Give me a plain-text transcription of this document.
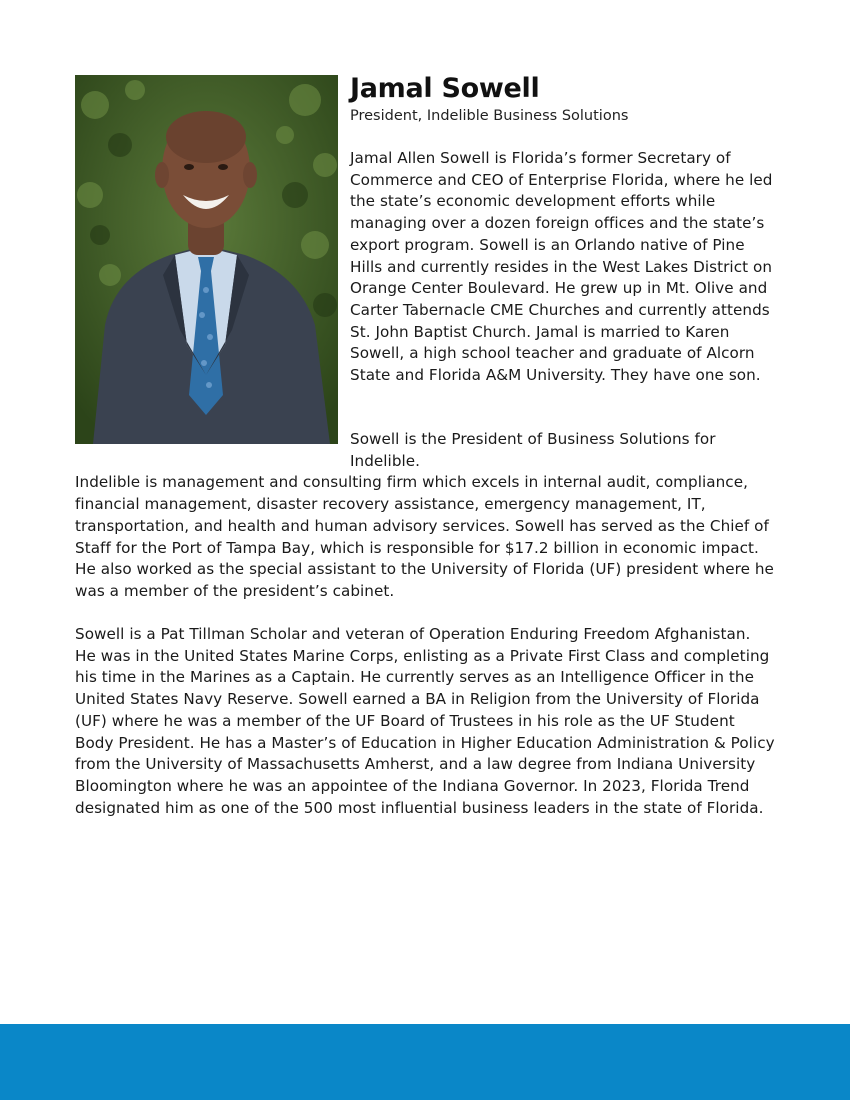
Jamal Sowell

President, Indelible Business Solutions

Jamal Allen Sowell is Florida’s former Secretary of Commerce and CEO of Enterprise Florida, where he led the state’s economic development efforts while managing over a dozen foreign offices and the state’s export program. Sowell is an Orlando native of Pine Hills and currently resides in the West Lakes District on Orange Center Boulevard. He grew up in Mt. Olive and Carter Tabernacle CME Churches and currently attends St. John Baptist Church. Jamal is married to Karen Sowell, a high school teacher and graduate of Alcorn State and Florida A&M University. They have one son.

Sowell is the President of Business Solutions for Indelible.
Indelible is management and consulting firm which excels in internal audit, compliance, financial management, disaster recovery assistance, emergency management, IT, transportation, and health and human advisory services. Sowell has served as the Chief of Staff for the Port of Tampa Bay, which is responsible for $17.2 billion in economic impact. He also worked as the special assistant to the University of Florida (UF) president where he was a member of the president’s cabinet.

Sowell is a Pat Tillman Scholar and veteran of Operation Enduring Freedom Afghanistan. He was in the United States Marine Corps, enlisting as a Private First Class and completing his time in the Marines as a Captain. He currently serves as an Intelligence Officer in the United States Navy Reserve. Sowell earned a BA in Religion from the University of Florida (UF) where he was a member of the UF Board of Trustees in his role as the UF Student Body President. He has a Master’s of Education in Higher Education Administration & Policy from the University of Massachusetts Amherst, and a law degree from Indiana University Bloomington where he was an appointee of the Indiana Governor. In 2023, Florida Trend designated him as one of the 500 most influential business leaders in the state of Florida.
